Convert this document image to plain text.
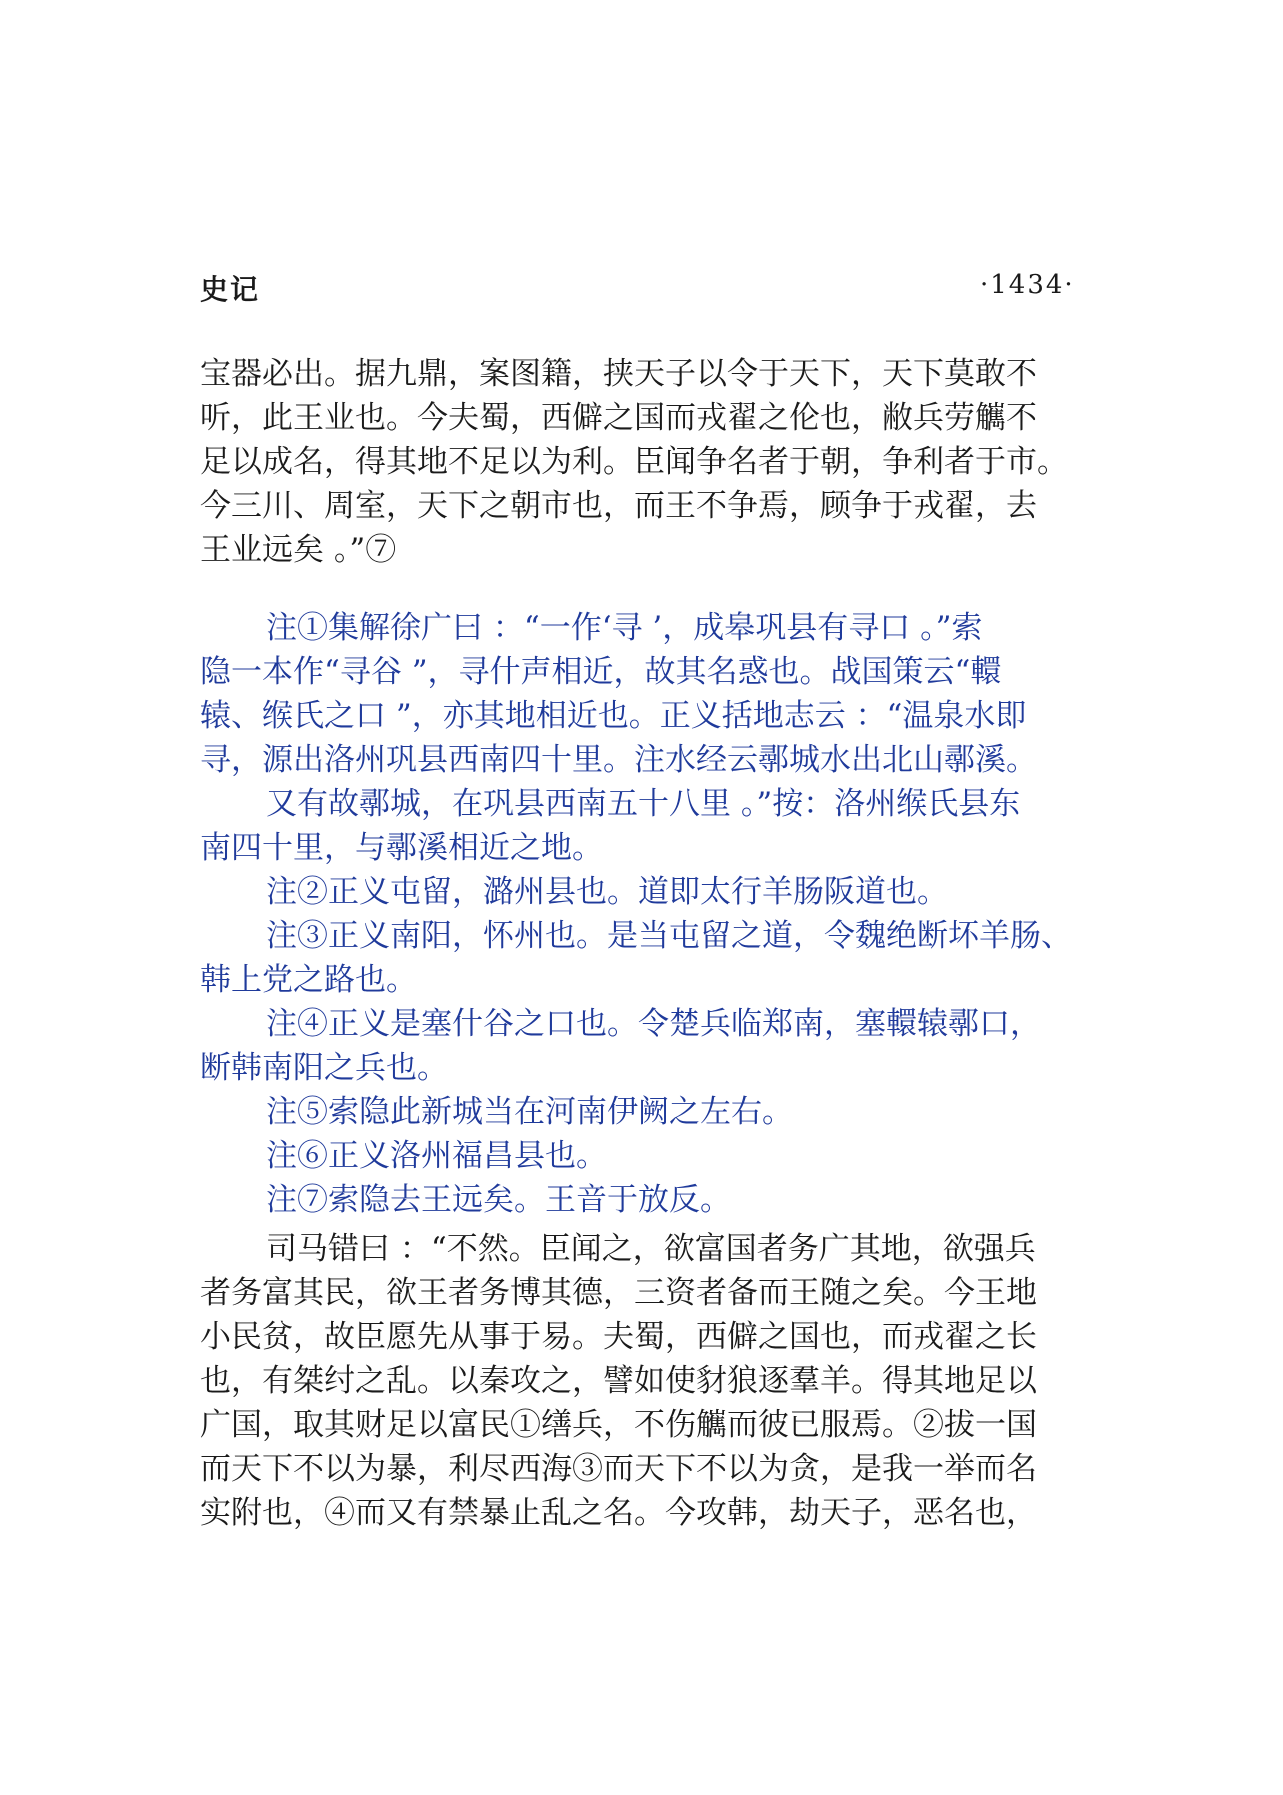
史记	·1434·
宝器必出。据九鼎，案图籍，挟天子以令于天下，天下莫敢不
听，此王业也。今夫蜀，西僻之国而戎翟之伦也，敝兵劳觽不
足以成名，得其地不足以为利。臣闻争名者于朝，争利者于市。
今三川、周室，天下之朝市也，而王不争焉，顾争于戎翟，去
王业远矣 。”⑦
注①集解徐广曰 ：“一作‘寻 ’，成皋巩县有寻口 。”索
隐一本作“寻谷 ”，寻什声相近，故其名惑也。战国策云“轘
辕、缑氏之口 ”，亦其地相近也。正义括地志云 ：“温泉水即
寻，源出洛州巩县西南四十里。注水经云鄩城水出北山鄩溪。
又有故鄩城，在巩县西南五十八里 。”按：洛州缑氏县东
南四十里，与鄩溪相近之地。
注②正义屯留，潞州县也。道即太行羊肠阪道也。
注③正义南阳，怀州也。是当屯留之道，令魏绝断坏羊肠、
韩上党之路也。
注④正义是塞什谷之口也。令楚兵临郑南，塞轘辕鄩口，
断韩南阳之兵也。
注⑤索隐此新城当在河南伊阙之左右。
注⑥正义洛州福昌县也。
注⑦索隐去王远矣。王音于放反。
司马错曰 ：“不然。臣闻之，欲富国者务广其地，欲强兵
者务富其民，欲王者务博其德，三资者备而王随之矣。今王地
小民贫，故臣愿先从事于易。夫蜀，西僻之国也，而戎翟之长
也，有桀纣之乱。以秦攻之，譬如使豺狼逐羣羊。得其地足以
广国，取其财足以富民①缮兵，不伤觽而彼已服焉。②拔一国
而天下不以为暴，利尽西海③而天下不以为贪，是我一举而名
实附也，④而又有禁暴止乱之名。今攻韩，劫天子，恶名也，
